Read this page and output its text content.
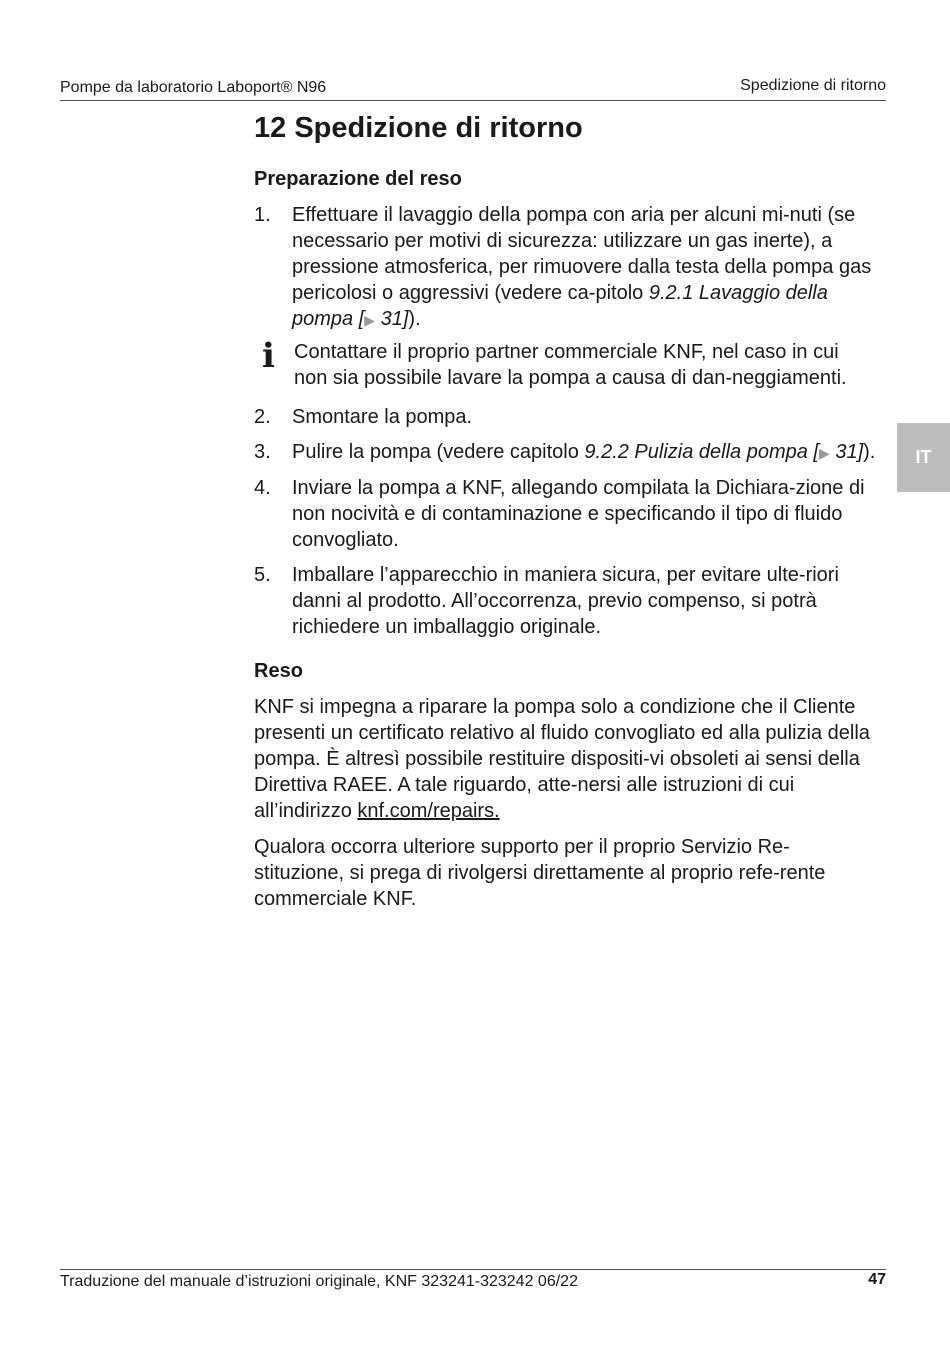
Pompe da laboratorio Laboport® N96	Spedizione di ritorno
IT
12 Spedizione di ritorno
Preparazione del reso
1.	Effettuare il lavaggio della pompa con aria per alcuni mi-nuti (se necessario per motivi di sicurezza: utilizzare un gas inerte), a pressione atmosferica, per rimuovere dalla testa della pompa gas pericolosi o aggressivi (vedere ca-pitolo 9.2.1 Lavaggio della pompa [▶ 31]).
i Contattare il proprio partner commerciale KNF, nel caso in cui non sia possibile lavare la pompa a causa di dan-neggiamenti.
2.	Smontare la pompa.
3.	Pulire la pompa (vedere capitolo 9.2.2 Pulizia della pompa [▶ 31]).
4.	Inviare la pompa a KNF, allegando compilata la Dichiara-zione di non nocività e di contaminazione e specificando il tipo di fluido convogliato.
5.	Imballare l’apparecchio in maniera sicura, per evitare ulte-riori danni al prodotto. All’occorrenza, previo compenso, si potrà richiedere un imballaggio originale.
Reso

KNF si impegna a riparare la pompa solo a condizione che il Cliente presenti un certificato relativo al fluido convogliato ed alla pulizia della pompa. È altresì possibile restituire dispositi-vi obsoleti ai sensi della Direttiva RAEE. A tale riguardo, atte-nersi alle istruzioni di cui all’indirizzo knf.com/repairs.

Qualora occorra ulteriore supporto per il proprio Servizio Re-stituzione, si prega di rivolgersi direttamente al proprio refe-rente commerciale KNF.

Traduzione del manuale d’istruzioni originale, KNF 323241-323242 06/22	47
